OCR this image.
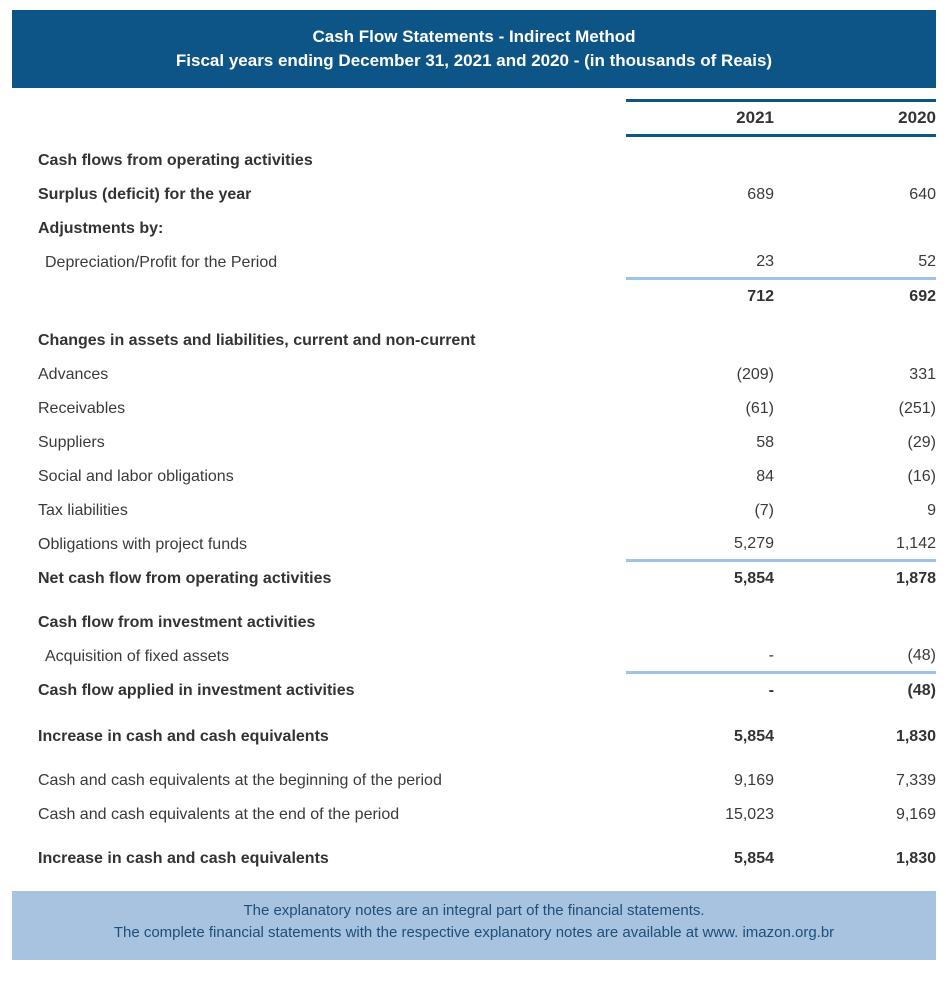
Cash Flow Statements - Indirect Method
Fiscal years ending December 31, 2021 and 2020 - (in thousands of Reais)
2021	2020
Cash flows from operating activities
Surplus (deficit) for the year	689	640
Adjustments by:
Depreciation/Profit for the Period	23	52
712	692
Changes in assets and liabilities, current and non-current
Advances	(209)	331
Receivables	(61)	(251)
Suppliers	58	(29)
Social and labor obligations	84	(16)
Tax liabilities	(7)	9
Obligations with project funds	5,279	1,142
Net cash flow from operating activities	5,854	1,878
Cash flow from investment activities
Acquisition of fixed assets	-	(48)
Cash flow applied in investment activities	-	(48)
Increase in cash and cash equivalents	5,854	1,830
Cash and cash equivalents at the beginning of the period	9,169	7,339
Cash and cash equivalents at the end of the period	15,023	9,169
Increase in cash and cash equivalents	5,854	1,830
The explanatory notes are an integral part of the financial statements.
The complete financial statements with the respective explanatory notes are available at www. imazon.org.br
